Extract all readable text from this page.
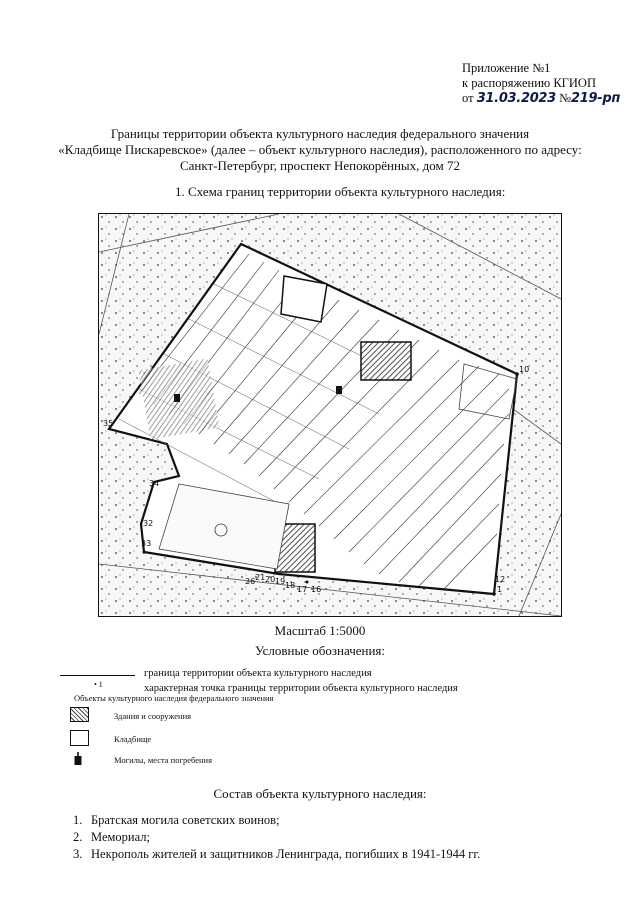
Приложение №1
к распоряжению КГИОП
от 31.03.2023 №219-рп
Границы территории объекта культурного наследия федерального значения
«Кладбище Пискаревское» (далее – объект культурного наследия), расположенного по адресу:
Санкт-Петербург, проспект Непокорённых, дом 72
1. Схема границ территории объекта культурного наследия:
1
12
16
17
18
19
20
21
26
32
33
34
35
10
Масштаб 1:5000
Условные обозначения:
граница территории объекта культурного наследия
• 1	характерная точка границы территории объекта культурного наследия
Объекты культурного наследия федерального значения
Здания и сооружения
Кладбище
Могилы, места погребения
Состав объекта культурного наследия:
1. Братская могила советских воинов;
2. Мемориал;
3. Некрополь жителей и защитников Ленинграда, погибших в 1941-1944 гг.
